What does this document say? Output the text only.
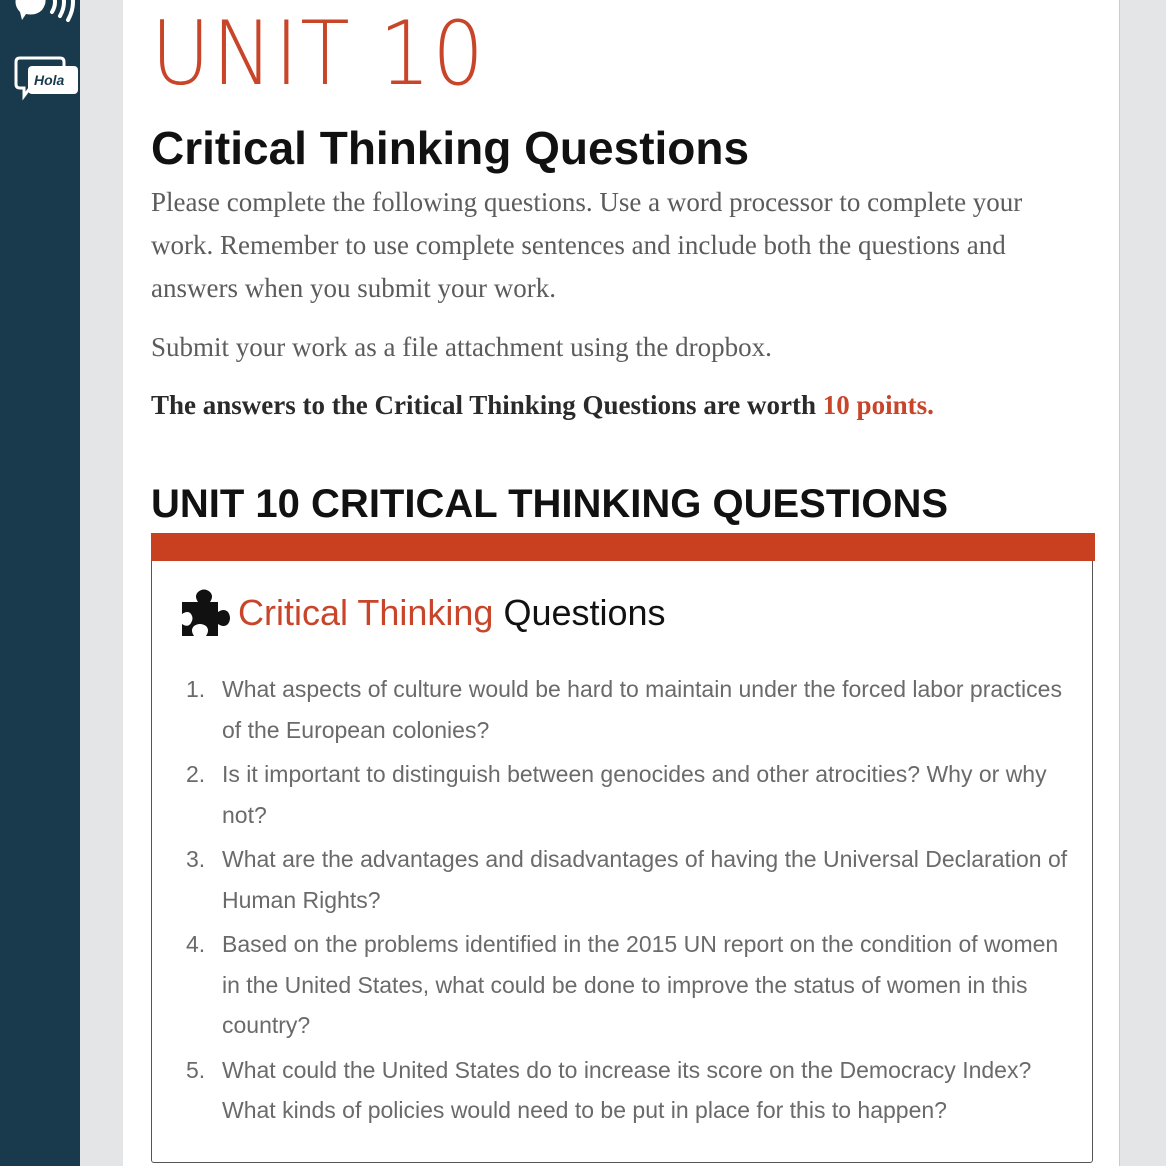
Hola UNIT 10
Critical Thinking Questions

Please complete the following questions. Use a word processor to complete your work. Remember to use complete sentences and include both the questions and answers when you submit your work.

Submit your work as a file attachment using the dropbox.

The answers to the Critical Thinking Questions are worth 10 points.

UNIT 10 CRITICAL THINKING QUESTIONS
Critical Thinking Questions
1. What aspects of culture would be hard to maintain under the forced labor practices of the European colonies?
2. Is it important to distinguish between genocides and other atrocities? Why or why not?
3. What are the advantages and disadvantages of having the Universal Declaration of Human Rights?
4. Based on the problems identified in the 2015 UN report on the condition of women in the United States, what could be done to improve the status of women in this country?
5. What could the United States do to increase its score on the Democracy Index? What kinds of policies would need to be put in place for this to happen?
